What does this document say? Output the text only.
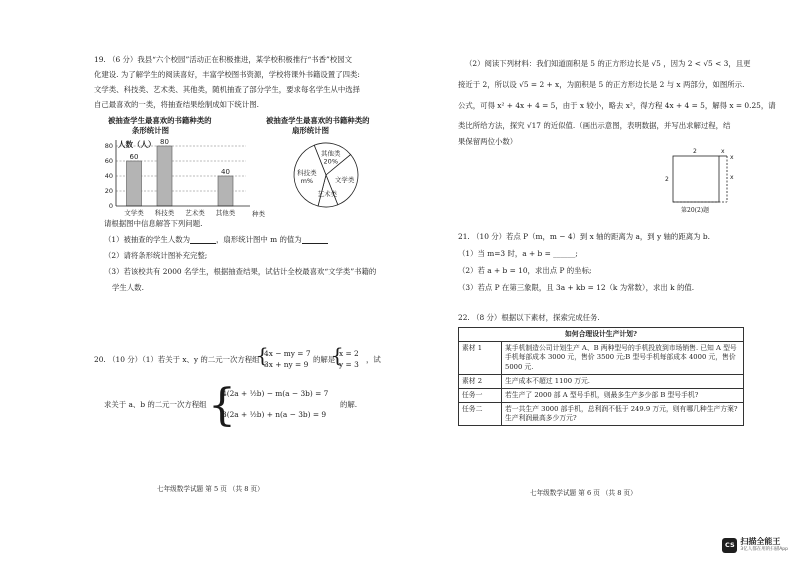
19. （6 分）我县“六个校园”活动正在积极推进，某学校积极推行“书香”校园文
化建设. 为了解学生的阅读喜好，丰富学校图书资源，学校将课外书籍设置了四类:
文学类、科技类、艺术类、其他类，随机抽查了部分学生，要求每名学生从中选择
自己最喜欢的一类，将抽查结果绘制成如下统计图.
被抽查学生最喜欢的书籍种类的
条形统计图
被抽查学生最喜欢的书籍种类的
扇形统计图
0
20
40
60
80
60
80
40
文学类 科技类 艺术类 其他类
人数（人）
种类
其他类
20%
文学类
艺术类
科技类
m%
请根据图中信息解答下列问题.
（1）被抽查的学生人数为	，扇形统计图中 m 的值为
（2）请将条形统计图补充完整;
（3）若该校共有 2000 名学生，根据抽查结果，试估计全校最喜欢“文学类”书籍的
学生人数.
20. （10 分）（1）若关于 x、y 的二元一次方程组
{
4x − my = 7
3x + ny = 9
的解是
{
x = 2
y = 3
，试
求关于 a、b 的二元一次方程组 {
4(2a + ½b) − m(a − 3b) = 7
3(2a + ½b) + n(a − 3b) = 9
的解.
七年级数学试题 第 5 页 （共 8 页）
（2）阅读下列材料：我们知道面积是 5 的正方形边长是 √5 ，因为 2 < √5 < 3，且更
接近于 2，所以设 √5 = 2 + x，为面积是 5 的正方形边长是 2 与 x 两部分，如图所示.
公式，可得 x² + 4x + 4 = 5，由于 x 较小，略去 x²，得方程 4x + 4 = 5，解得 x = 0.25，请
类比所给方法，探究 √17 的近似值.（画出示意图，表明数据，并写出求解过程，结
果保留两位小数）
2	x
2	x
x
第20(2)题
21. （10 分）若点 P（m，m − 4）到 x 轴的距离为 a，到 y 轴的距离为 b.
（1）当 m=3 时，a + b = ______;
（2）若 a + b = 10，求出点 P 的坐标;
（3）若点 P 在第三象限，且 3a + kb = 12（k 为常数），求出 k 的值.
22. （8 分）根据以下素材，探索完成任务.
如何合理设计生产计划?	
素材 1	某手机制造公司计划生产 A、B 两种型号的手机投放到市场销售. 已知 A 型号手机每部成本 3000 元，售价 3500 元;B 型号手机每部成本 4000 元，售价 5000 元.
素材 2	生产成本不超过 1100 万元.
任务一	若生产了 2000 部 A 型号手机，则最多生产多少部 B 型号手机?
任务二	若一共生产 3000 部手机，总利润不低于 249.9 万元，则有哪几种生产方案? 生产利润最高多少万元?
七年级数学试题 第 6 页 （共 8 页）
CS 扫描全能王
3亿人都在用的扫描App
